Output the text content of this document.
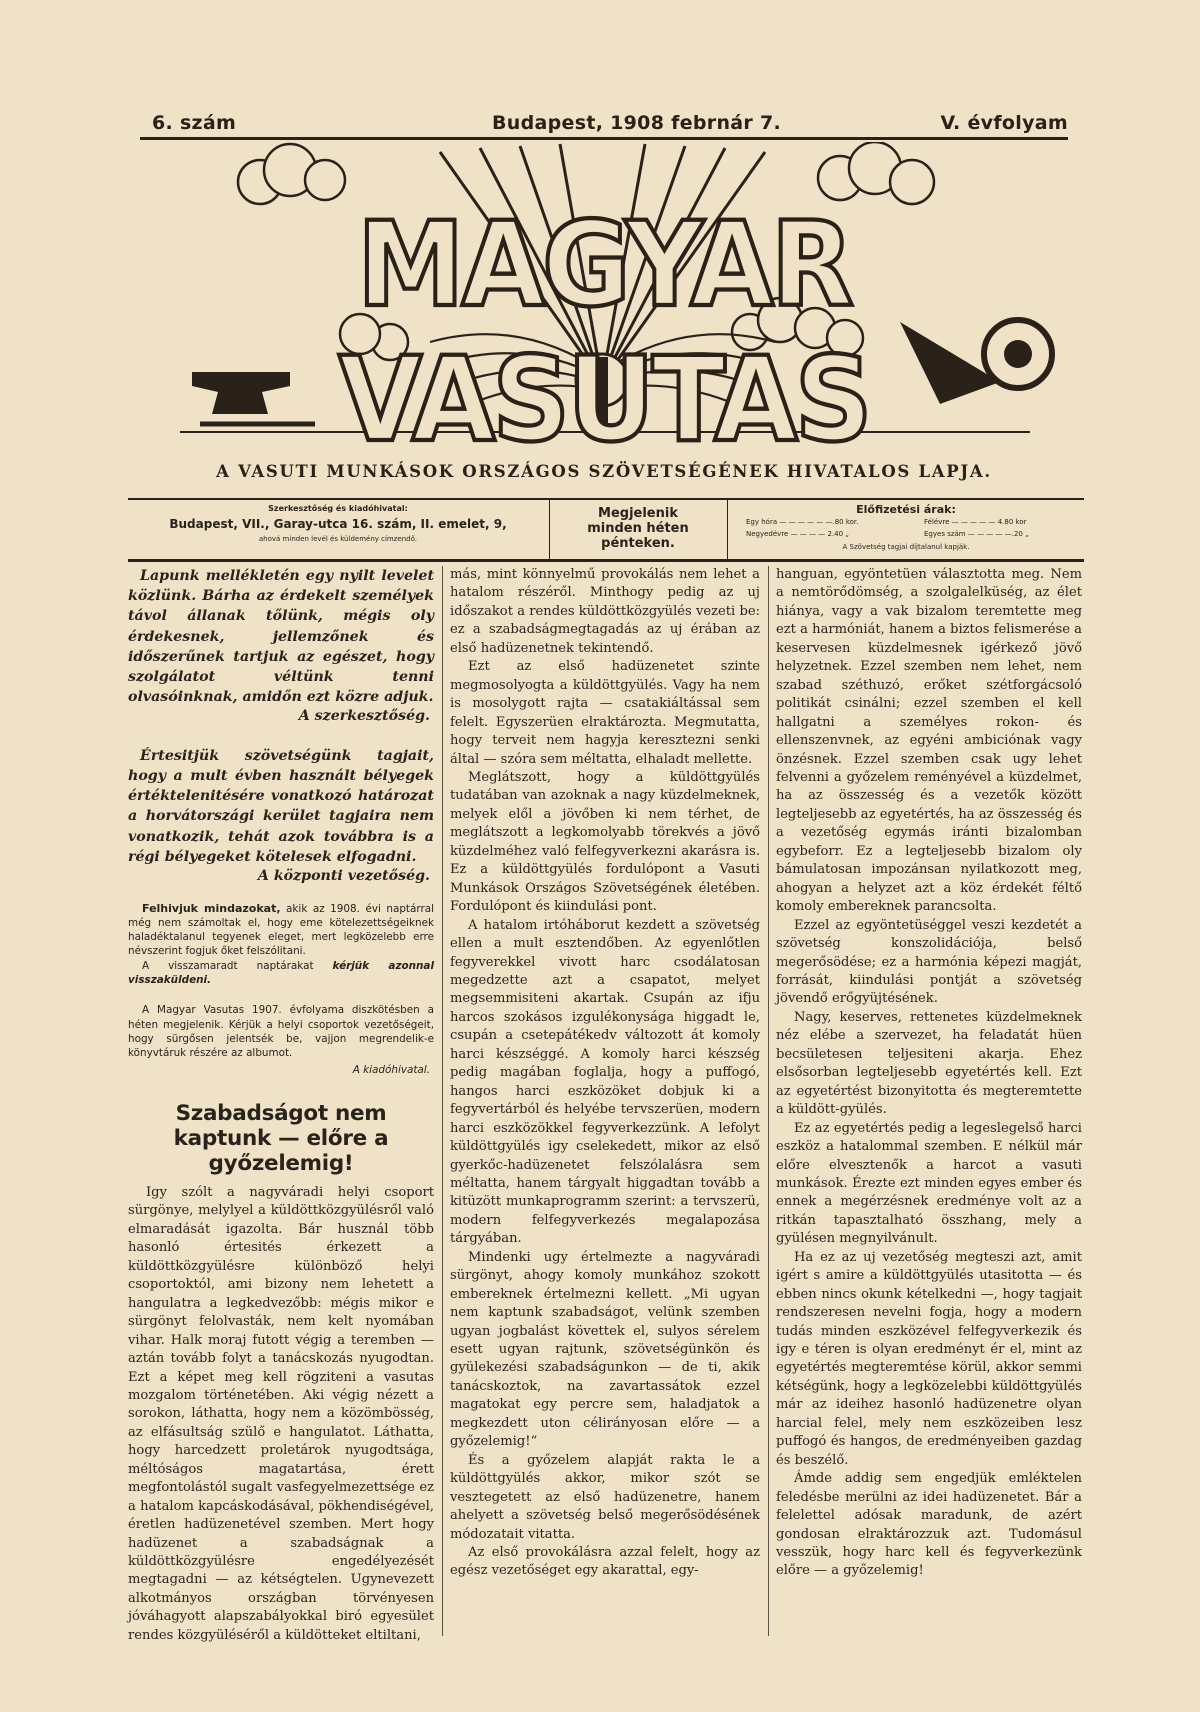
6. szám	Budapest, 1908 febrnár 7.	V. évfolyam
MAGYAR VASUTAS
A VASUTI MUNKÁSOK ORSZÁGOS SZÖVETSÉGÉNEK HIVATALOS LAPJA.
Szerkesztőség és kiadóhivatal:
Budapest, VII., Garay-utca 16. szám, II. emelet, 9,
ahová minden levél és küldemény címzendő.
Megjelenik
minden héten
pénteken.
Előfizetési árak:
Egy hóra — — — — — —.80 kor.	Félévre — — — — — 4.80 kor
Negyedévre — — — — 2.40 „	Egyes szám — — — — —.20 „
A Szövetség tagjai díjtalanul kapják.

Lapunk mellékletén egy nyilt levelet közlünk. Bárha az érdekelt személyek távol állanak tőlünk, mégis oly érdekesnek, jellemzőnek és időszerűnek tartjuk az egészet, hogy szolgálatot véltünk tenni olvasóinknak, amidőn ezt közre adjuk.

A szerkesztőség.

Értesitjük szövetségünk tagjait, hogy a mult évben használt bélyegek értéktelenitésére vonatkozó határozat a horvátországi kerület tagjaira nem vonatkozik, tehát azok továbbra is a régi bélyegeket kötelesek elfogadni.

A központi vezetőség.

Felhivjuk mindazokat, akik az 1908. évi naptárral még nem számoltak el, hogy eme kötelezettségeiknek haladéktalanul tegyenek eleget, mert legközelebb erre névszerint fogjuk őket felszólitani.

A visszamaradt naptárakat kérjük azonnal visszaküldeni.

A Magyar Vasutas 1907. évfolyama diszkötésben a héten megjelenik. Kérjük a helyi csoportok vezetőségeit, hogy sürgősen jelentsék be, vajjon megrendelik-e könyvtáruk részére az albumot.

A kiadóhivatal.

Szabadságot nem kaptunk — előre a győzelemig!

Igy szólt a nagyváradi helyi csoport sürgönye, melylyel a küldöttközgyülésről való elmaradását igazolta. Bár husznál több hasonló értesités érkezett a küldöttközgyülésre különböző helyi csoportoktól, ami bizony nem lehetett a hangulatra a legkedvezőbb: mégis mikor e sürgönyt felolvasták, nem kelt nyomában vihar. Halk moraj futott végig a teremben — aztán tovább folyt a tanácskozás nyugodtan. Ezt a képet meg kell rögziteni a vasutas mozgalom történetében. Aki végig nézett a sorokon, láthatta, hogy nem a közömbösség, az elfásultság szülő e hangulatot. Láthatta, hogy harcedzett proletárok nyugodtsága, méltóságos magatartása, érett megfontolástól sugalt vasfegyelmezettsége ez a hatalom kapcáskodásával, pökhendiségével, éretlen hadüzenetével szemben. Mert hogy hadüzenet a szabadságnak a küldöttközgyülésre engedélyezését megtagadni — az kétségtelen. Ugynevezett alkotmányos országban törvényesen jóváhagyott alapszabályokkal biró egyesület rendes közgyüléséről a küldötteket eltiltani,

más, mint könnyelmű provokálás nem lehet a hatalom részéről. Minthogy pedig az uj időszakot a rendes küldöttközgyülés vezeti be: ez a szabadságmegtagadás az uj érában az első hadüzenetnek tekintendő.

Ezt az első hadüzenetet szinte megmosolyogta a küldöttgyülés. Vagy ha nem is mosolygott rajta — csatakiáltással sem felelt. Egyszerüen elraktározta. Megmutatta, hogy terveit nem hagyja keresztezni senki által — szóra sem méltatta, elhaladt mellette.

Meglátszott, hogy a küldöttgyülés tudatában van azoknak a nagy küzdelmeknek, melyek elől a jövőben ki nem térhet, de meglátszott a legkomolyabb törekvés a jövő küzdelméhez való felfegyverkezni akarásra is. Ez a küldöttgyülés fordulópont a Vasuti Munkások Országos Szövetségének életében. Fordulópont és kiindulási pont.

A hatalom irtóháborut kezdett a szövetség ellen a mult esztendőben. Az egyenlőtlen fegyverekkel vivott harc csodálatosan megedzette azt a csapatot, melyet megsemmisiteni akartak. Csupán az ifju harcos szokásos izgulékonysága higgadt le, csupán a csetepátékedv változott át komoly harci készséggé. A komoly harci készség pedig magában foglalja, hogy a puffogó, hangos harci eszközöket dobjuk ki a fegyvertárból és helyébe tervszerüen, modern harci eszközökkel fegyverkezzünk. A lefolyt küldöttgyülés igy cselekedett, mikor az első gyerkőc-hadüzenetet felszólalásra sem méltatta, hanem tárgyalt higgadtan tovább a kitüzött munkaprogramm szerint: a tervszerü, modern felfegyverkezés megalapozása tárgyában.

Mindenki ugy értelmezte a nagyváradi sürgönyt, ahogy komoly munkához szokott embereknek értelmezni kellett. „Mi ugyan nem kaptunk szabadságot, velünk szemben ugyan jogbalást követtek el, sulyos sérelem esett ugyan rajtunk, szövetségünkön és gyülekezési szabadságunkon — de ti, akik tanácskoztok, na zavartassátok ezzel magatokat egy percre sem, haladjatok a megkezdett uton célirányosan előre — a győzelemig!“

És a győzelem alapját rakta le a küldöttgyülés akkor, mikor szót se vesztegetett az első hadüzenetre, hanem ahelyett a szövetség belső megerősödésének módozatait vitatta.

Az első provokálásra azzal felelt, hogy az egész vezetőséget egy akarattal, egy-

hanguan, egyöntetüen választotta meg. Nem a nemtörődömség, a szolgalelküség, az élet hiánya, vagy a vak bizalom teremtette meg ezt a harmóniát, hanem a biztos felismerése a keservesen küzdelmesnek igérkező jövő helyzetnek. Ezzel szemben nem lehet, nem szabad széthuzó, erőket szétforgácsoló politikát csinálni; ezzel szemben el kell hallgatni a személyes rokon- és ellenszenvnek, az egyéni ambiciónak vagy önzésnek. Ezzel szemben csak ugy lehet felvenni a győzelem reményével a küzdelmet, ha az összesség és a vezetők között legteljesebb az egyetértés, ha az összesség és a vezetőség egymás iránti bizalomban egybeforr. Ez a legteljesebb bizalom oly bámulatosan impozánsan nyilatkozott meg, ahogyan a helyzet azt a köz érdekét féltő komoly embereknek parancsolta.

Ezzel az egyöntetüséggel veszi kezdetét a szövetség konszolidációja, belső megerősödése; ez a harmónia képezi magját, forrását, kiindulási pontját a szövetség jövendő erőgyüjtésének.

Nagy, keserves, rettenetes küzdelmeknek néz elébe a szervezet, ha feladatát hüen becsületesen teljesiteni akarja. Ehez elsősorban legteljesebb egyetértés kell. Ezt az egyetértést bizonyitotta és megteremtette a küldött-gyülés.

Ez az egyetértés pedig a legeslegelső harci eszköz a hatalommal szemben. E nélkül már előre elvesztenők a harcot a vasuti munkások. Érezte ezt minden egyes ember és ennek a megérzésnek eredménye volt az a ritkán tapasztalható összhang, mely a gyülésen megnyilvánult.

Ha ez az uj vezetőség megteszi azt, amit igért s amire a küldöttgyülés utasitotta — és ebben nincs okunk kételkedni —, hogy tagjait rendszeresen nevelni fogja, hogy a modern tudás minden eszközével felfegyverkezik és igy e téren is olyan eredményt ér el, mint az egyetértés megteremtése körül, akkor semmi kétségünk, hogy a legközelebbi küldöttgyülés már az ideihez hasonló hadüzenetre olyan harcial felel, mely nem eszközeiben lesz puffogó és hangos, de eredményeiben gazdag és beszélő.

Ámde addig sem engedjük emléktelen feledésbe merülni az idei hadüzenetet. Bár a felelettel adósak maradunk, de azért gondosan elraktározzuk azt. Tudomásul vesszük, hogy harc kell és fegyverkezünk előre — a győzelemig!
